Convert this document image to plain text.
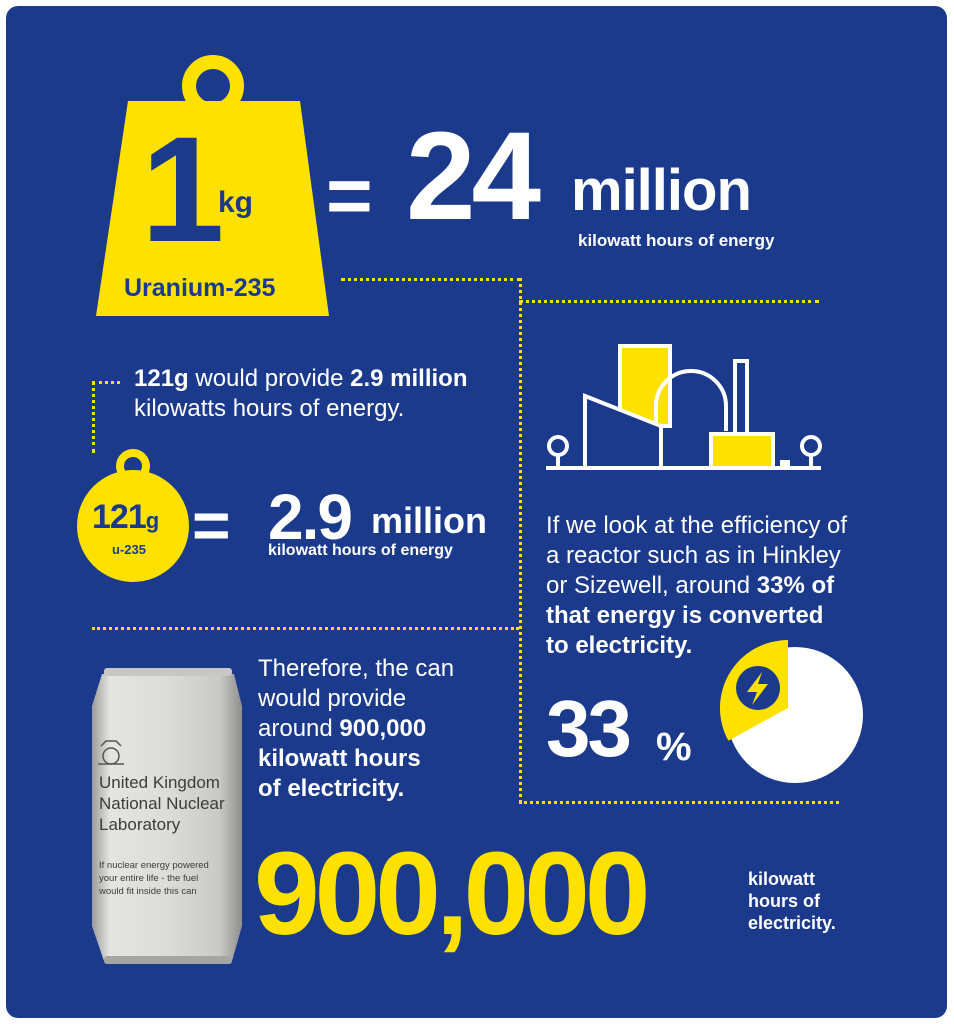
1 kg
Uranium-235
= 24 million
kilowatt hours of energy
121g would provide 2.9 million
kilowatts hours of energy.
121g
u-235 = 2.9 million
kilowatt hours of energy
If we look at the efficiency of
a reactor such as in Hinkley
or Sizewell, around 33% of
that energy is converted
to electricity.
33 %
United Kingdom
National Nuclear
Laboratory
If nuclear energy powered
your entire life - the fuel
would fit inside this can
Therefore, the can
would provide
around 900,000
kilowatt hours
of electricity.
900,000	kilowatt
hours of
electricity.
